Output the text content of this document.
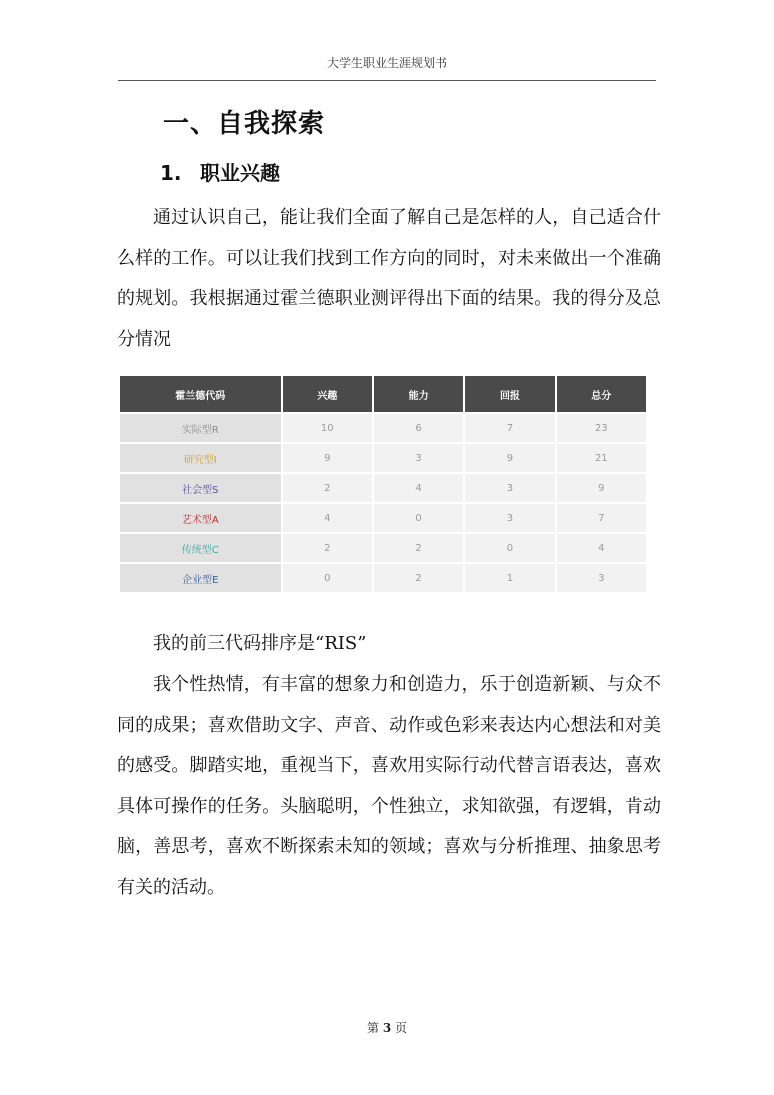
大学生职业生涯规划书
一、自我探索
1. 职业兴趣

通过认识自己，能让我们全面了解自己是怎样的人，自己适合什么样的工作。可以让我们找到工作方向的同时，对未来做出一个准确的规划。我根据通过霍兰德职业测评得出下面的结果。我的得分及总分情况

霍兰德代码	兴趣	能力	回报	总分
实际型R	10	6	7	23
研究型I	9	3	9	21
社会型S	2	4	3	9
艺术型A	4	0	3	7
传统型C	2	2	0	4
企业型E	0	2	1	3

我的前三代码排序是“RIS”

我个性热情，有丰富的想象力和创造力，乐于创造新颖、与众不同的成果；喜欢借助文字、声音、动作或色彩来表达内心想法和对美的感受。脚踏实地，重视当下，喜欢用实际行动代替言语表达，喜欢具体可操作的任务。头脑聪明，个性独立，求知欲强，有逻辑，肯动脑，善思考，喜欢不断探索未知的领域；喜欢与分析推理、抽象思考有关的活动。

第 3 页
